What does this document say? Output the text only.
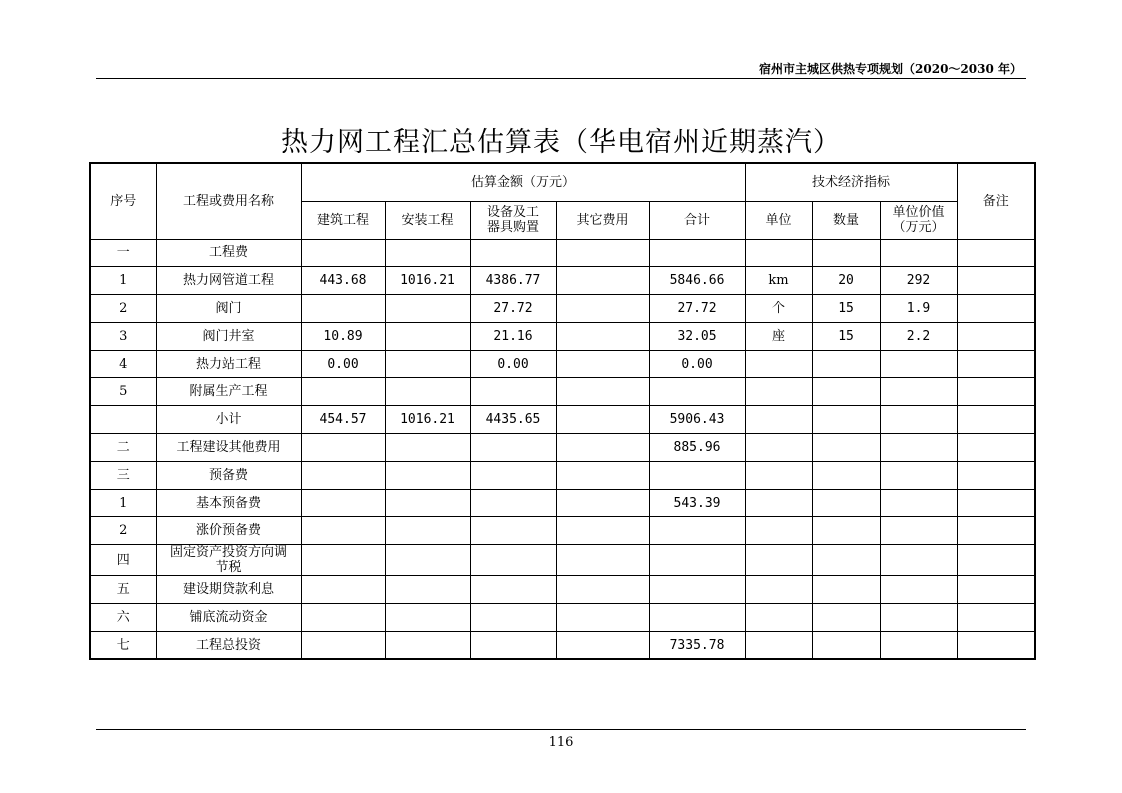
宿州市主城区供热专项规划（2020～2030 年）
热力网工程汇总估算表（华电宿州近期蒸汽）
序号	工程或费用名称	估算金额（万元）					技术经济指标			备注
		建筑工程	安装工程	设备及工器具购置	其它费用	合计	单位	数量	单位价值（万元）	
一	工程费									
1	热力网管道工程	443.68	1016.21	4386.77		5846.66	km	20	292	
2	阀门			27.72		27.72	个	15	1.9	
3	阀门井室	10.89		21.16		32.05	座	15	2.2	
4	热力站工程	0.00		0.00		0.00				
5	附属生产工程									
	小计	454.57	1016.21	4435.65		5906.43				
二	工程建设其他费用					885.96				
三	预备费									
1	基本预备费					543.39				
2	涨价预备费									
四	固定资产投资方向调节税									
五	建设期贷款利息									
六	铺底流动资金									
七	工程总投资					7335.78				
116
